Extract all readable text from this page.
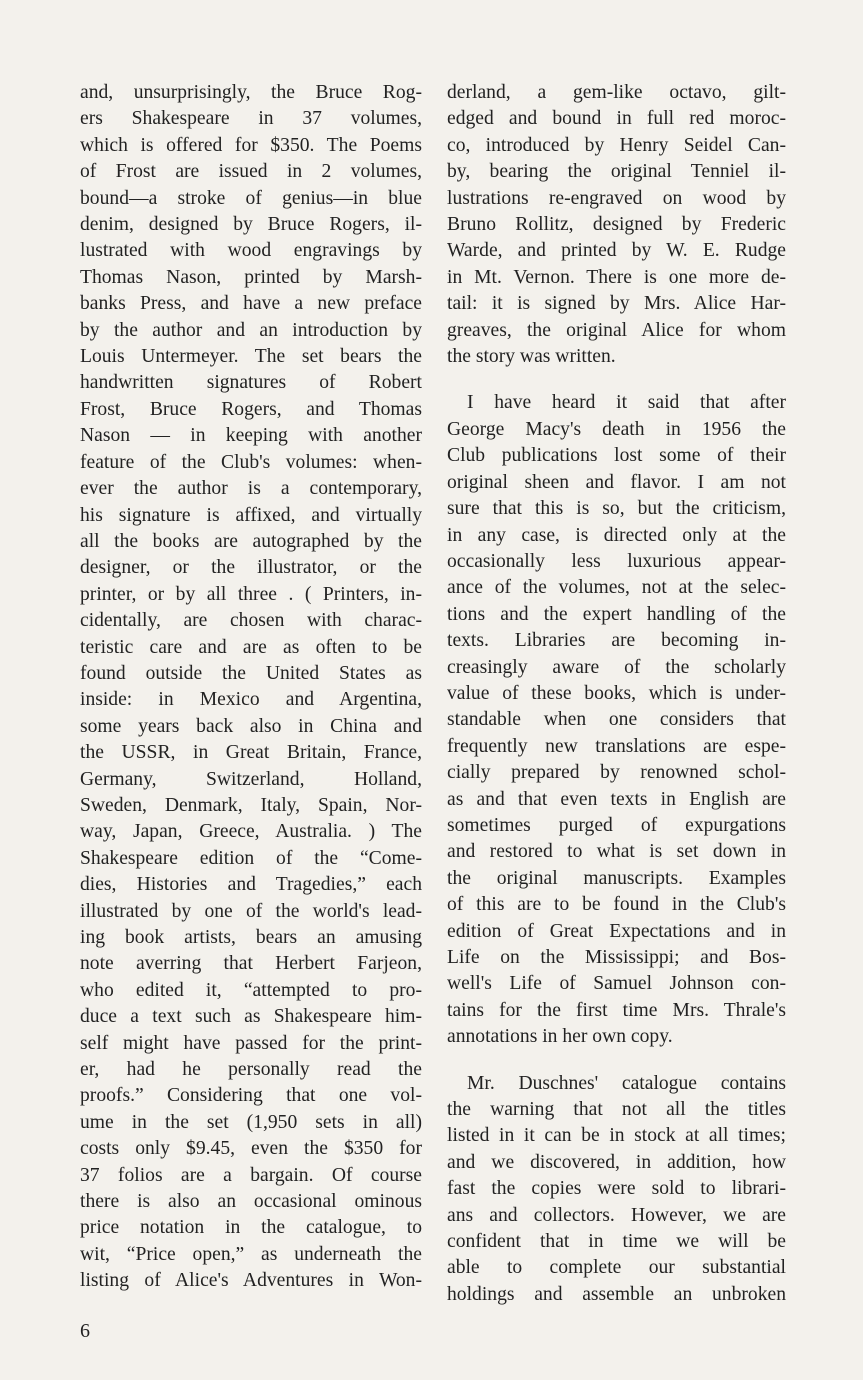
and, unsurprisingly, the Bruce Rog-
ers Shakespeare in 37 volumes,
which is offered for $350. The Poems
of Frost are issued in 2 volumes,
bound—a stroke of genius—in blue
denim, designed by Bruce Rogers, il-
lustrated with wood engravings by
Thomas Nason, printed by Marsh-
banks Press, and have a new preface
by the author and an introduction by
Louis Untermeyer. The set bears the
handwritten signatures of Robert
Frost, Bruce Rogers, and Thomas
Nason — in keeping with another
feature of the Club's volumes: when-
ever the author is a contemporary,
his signature is affixed, and virtually
all the books are autographed by the
designer, or the illustrator, or the
printer, or by all three . ( Printers, in-
cidentally, are chosen with charac-
teristic care and are as often to be
found outside the United States as
inside: in Mexico and Argentina,
some years back also in China and
the USSR, in Great Britain, France,
Germany, Switzerland, Holland,
Sweden, Denmark, Italy, Spain, Nor-
way, Japan, Greece, Australia. ) The
Shakespeare edition of the “Come-
dies, Histories and Tragedies,” each
illustrated by one of the world's lead-
ing book artists, bears an amusing
note averring that Herbert Farjeon,
who edited it, “attempted to pro-
duce a text such as Shakespeare him-
self might have passed for the print-
er, had he personally read the
proofs.” Considering that one vol-
ume in the set (1,950 sets in all)
costs only $9.45, even the $350 for
37 folios are a bargain. Of course
there is also an occasional ominous
price notation in the catalogue, to
wit, “Price open,” as underneath the
listing of Alice's Adventures in Won-
derland, a gem-like octavo, gilt-
edged and bound in full red moroc-
co, introduced by Henry Seidel Can-
by, bearing the original Tenniel il-
lustrations re-engraved on wood by
Bruno Rollitz, designed by Frederic
Warde, and printed by W. E. Rudge
in Mt. Vernon. There is one more de-
tail: it is signed by Mrs. Alice Har-
greaves, the original Alice for whom
the story was written.
I have heard it said that after
George Macy's death in 1956 the
Club publications lost some of their
original sheen and flavor. I am not
sure that this is so, but the criticism,
in any case, is directed only at the
occasionally less luxurious appear-
ance of the volumes, not at the selec-
tions and the expert handling of the
texts. Libraries are becoming in-
creasingly aware of the scholarly
value of these books, which is under-
standable when one considers that
frequently new translations are espe-
cially prepared by renowned schol-
as and that even texts in English are
sometimes purged of expurgations
and restored to what is set down in
the original manuscripts. Examples
of this are to be found in the Club's
edition of Great Expectations and in
Life on the Mississippi; and Bos-
well's Life of Samuel Johnson con-
tains for the first time Mrs. Thrale's
annotations in her own copy.
Mr. Duschnes' catalogue contains
the warning that not all the titles
listed in it can be in stock at all times;
and we discovered, in addition, how
fast the copies were sold to librari-
ans and collectors. However, we are
confident that in time we will be
able to complete our substantial
holdings and assemble an unbroken
6
